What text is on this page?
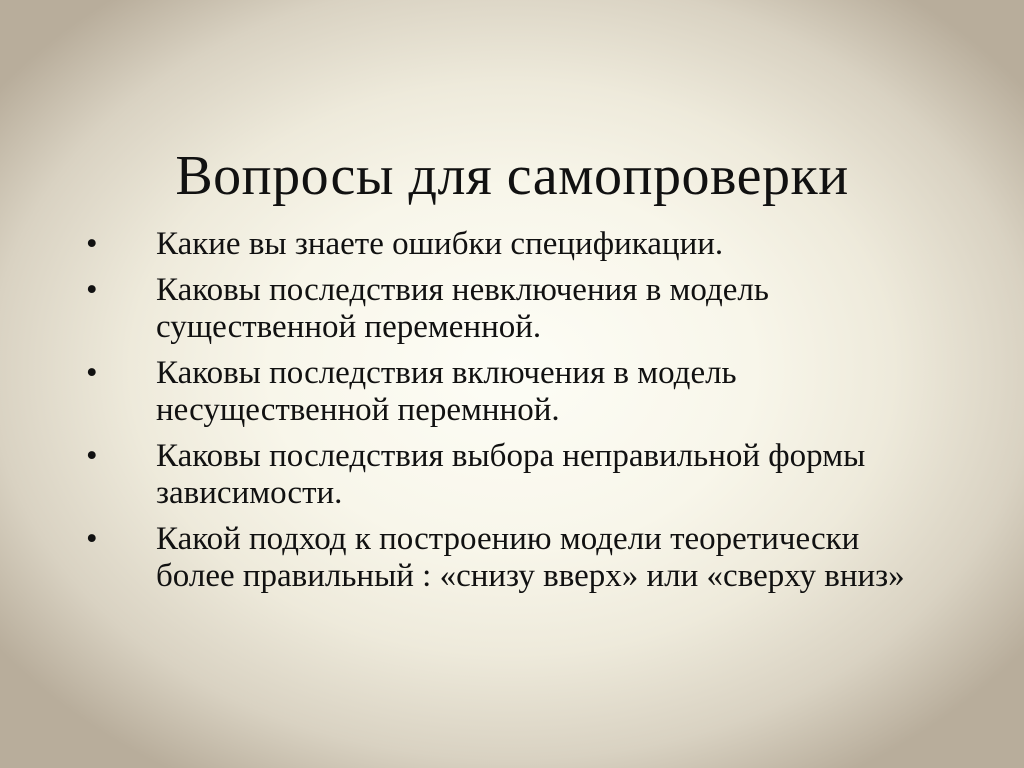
Вопросы для самопроверки
• Какие вы знаете ошибки спецификации.
• Каковы последствия невключения в модель существенной переменной.
• Каковы последствия включения в модель несущественной перемнной.
• Каковы последствия выбора неправильной формы зависимости.
• Какой подход к построению модели теоретически более правильный : «снизу вверх» или «сверху вниз»
